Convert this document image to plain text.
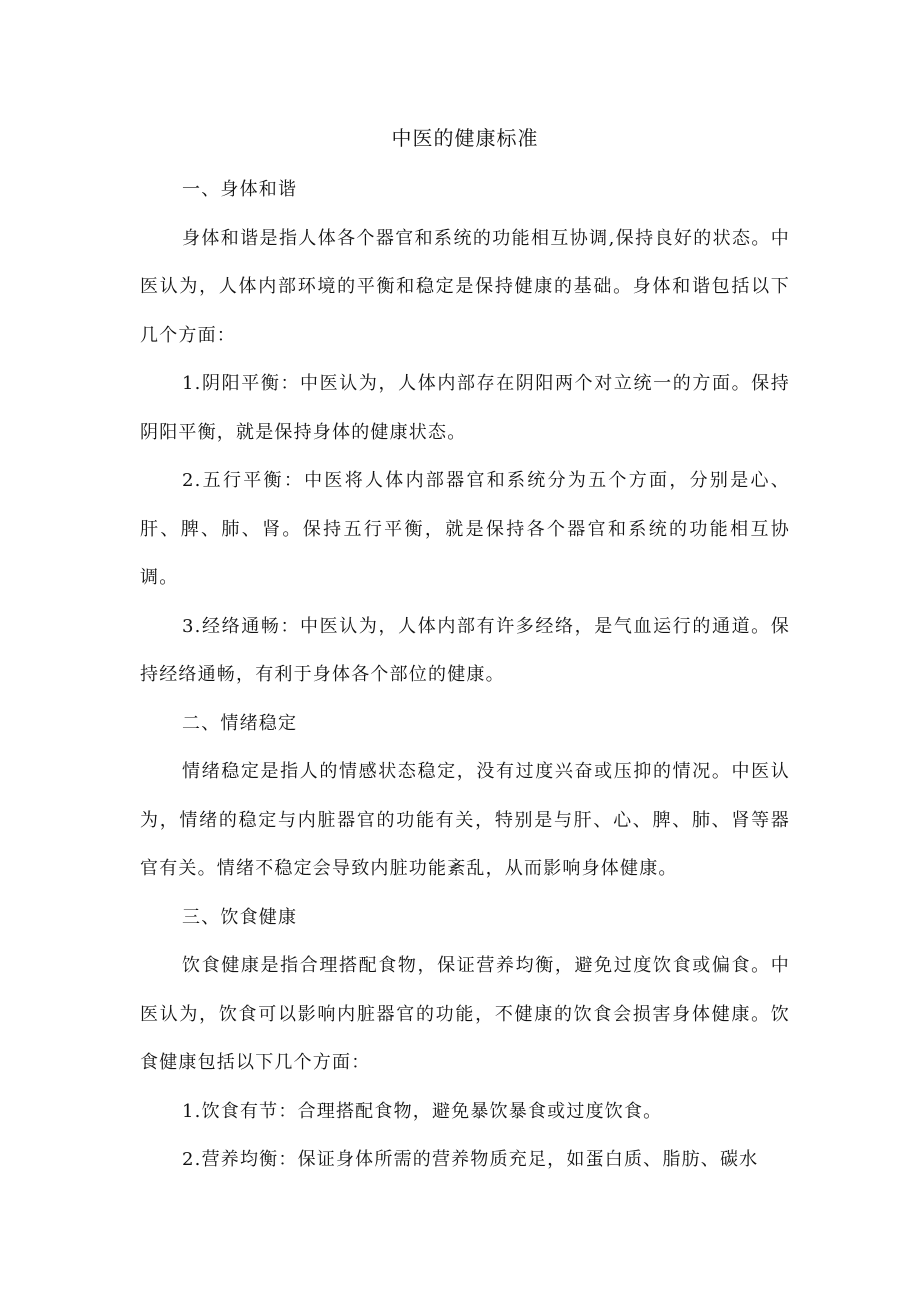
中医的健康标准

一、身体和谐

身体和谐是指人体各个器官和系统的功能相互协调,保持良好的状态。中医认为，人体内部环境的平衡和稳定是保持健康的基础。身体和谐包括以下几个方面：

1.阴阳平衡：中医认为，人体内部存在阴阳两个对立统一的方面。保持阴阳平衡，就是保持身体的健康状态。

2.五行平衡：中医将人体内部器官和系统分为五个方面，分别是心、肝、脾、肺、肾。保持五行平衡，就是保持各个器官和系统的功能相互协调。

3.经络通畅：中医认为，人体内部有许多经络，是气血运行的通道。保持经络通畅，有利于身体各个部位的健康。

二、情绪稳定

情绪稳定是指人的情感状态稳定，没有过度兴奋或压抑的情况。中医认为，情绪的稳定与内脏器官的功能有关，特别是与肝、心、脾、肺、肾等器官有关。情绪不稳定会导致内脏功能紊乱，从而影响身体健康。

三、饮食健康

饮食健康是指合理搭配食物，保证营养均衡，避免过度饮食或偏食。中医认为，饮食可以影响内脏器官的功能，不健康的饮食会损害身体健康。饮食健康包括以下几个方面：

1.饮食有节：合理搭配食物，避免暴饮暴食或过度饮食。

2.营养均衡：保证身体所需的营养物质充足，如蛋白质、脂肪、碳水
